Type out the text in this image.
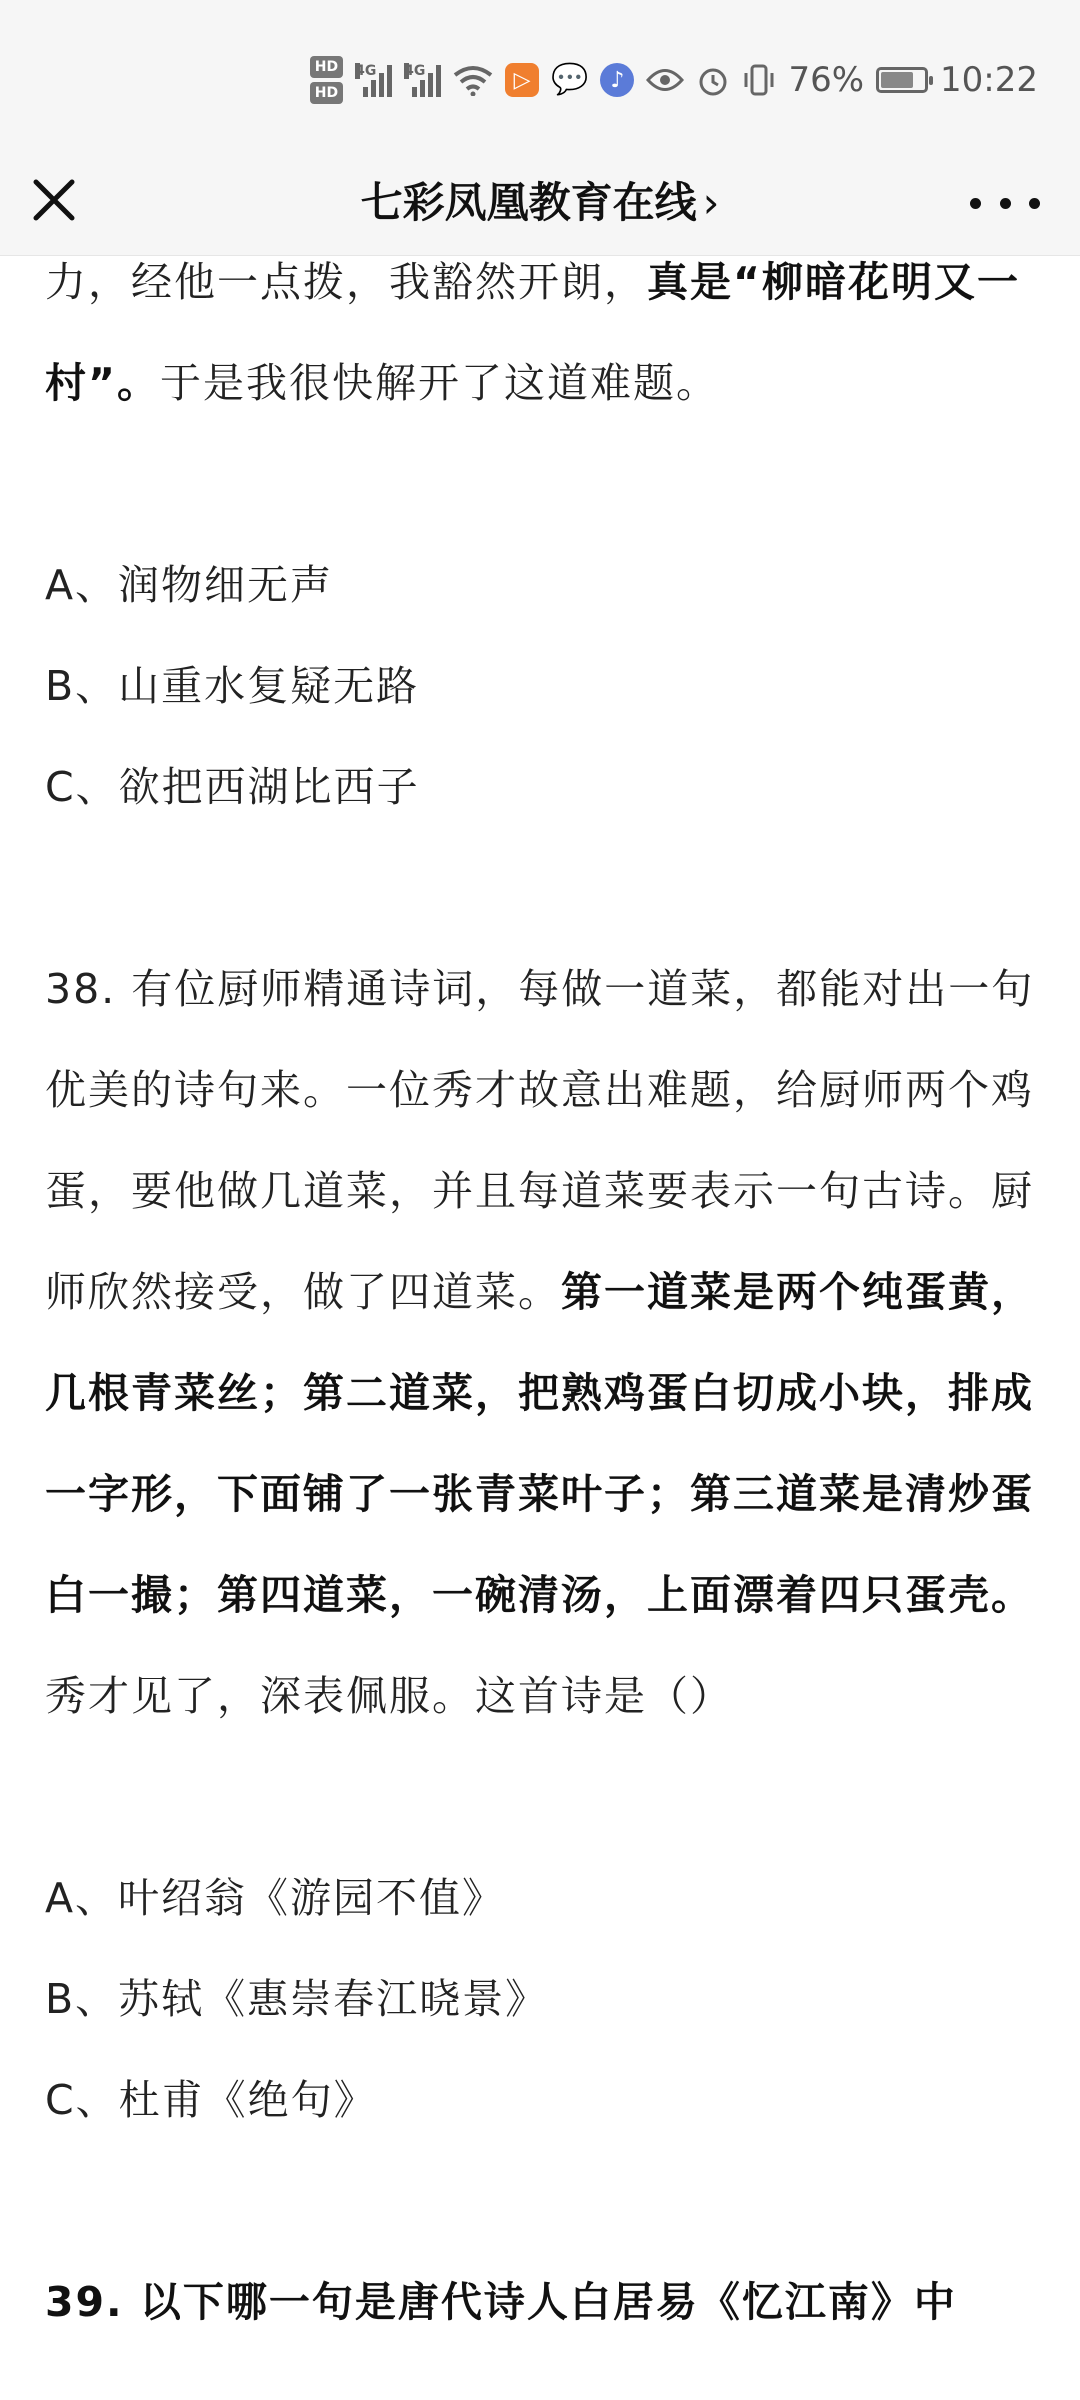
HD
HD
4G 4G	▷ 💬 ♪	76% 10:22
七彩凤凰教育在线 ›

力，经他一点拨，我豁然开朗，真是“柳暗花明又一村”。于是我很快解开了这道难题。

A、润物细无声

B、山重水复疑无路

C、欲把西湖比西子

38. 有位厨师精通诗词，每做一道菜，都能对出一句优美的诗句来。一位秀才故意出难题，给厨师两个鸡蛋，要他做几道菜，并且每道菜要表示一句古诗。厨师欣然接受，做了四道菜。第一道菜是两个纯蛋黄，几根青菜丝；第二道菜，把熟鸡蛋白切成小块，排成一字形，下面铺了一张青菜叶子；第三道菜是清炒蛋白一撮；第四道菜，一碗清汤，上面漂着四只蛋壳。秀才见了，深表佩服。这首诗是（）

A、叶绍翁《游园不值》

B、苏轼《惠崇春江晓景》

C、杜甫《绝句》

39. 以下哪一句是唐代诗人白居易《忆江南》中
